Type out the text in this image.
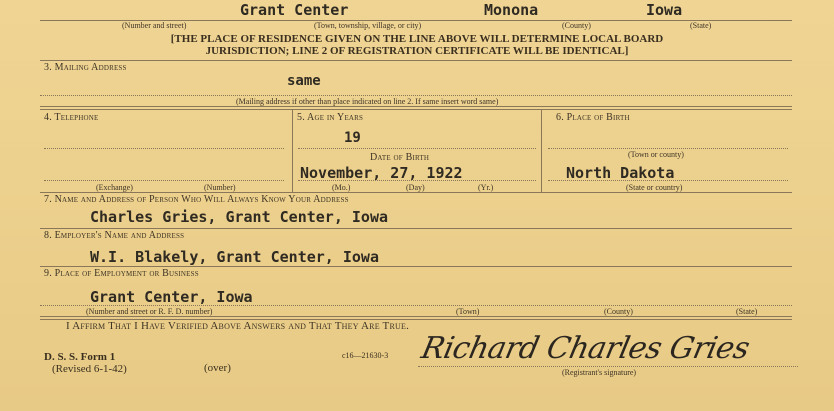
Grant Center	Monona	Iowa
(Number and street)	(Town, township, village, or city)	(County)	(State)
[THE PLACE OF RESIDENCE GIVEN ON THE LINE ABOVE WILL DETERMINE LOCAL BOARD
JURISDICTION; LINE 2 OF REGISTRATION CERTIFICATE WILL BE IDENTICAL]
3. Mailing Address
same
(Mailing address if other than place indicated on line 2. If same insert word same)
4. Telephone
(Exchange)	(Number)
5. Age in Years
19
Date of Birth
November, 27, 1922
(Mo.)	(Day)	(Yr.)
6. Place of Birth
(Town or county)
North Dakota
(State or country)
7. Name and Address of Person Who Will Always Know Your Address
Charles Gries, Grant Center, Iowa
8. Employer's Name and Address
W.I. Blakely, Grant Center, Iowa
9. Place of Employment or Business
Grant Center, Iowa
(Number and street or R. F. D. number)	(Town)	(County)	(State)
I Affirm That I Have Verified Above Answers and That They Are True.
D. S. S. Form 1
(Revised 6-1-42)	(over)
c16—21630-3 Richard Charles Gries
(Registrant's signature)
